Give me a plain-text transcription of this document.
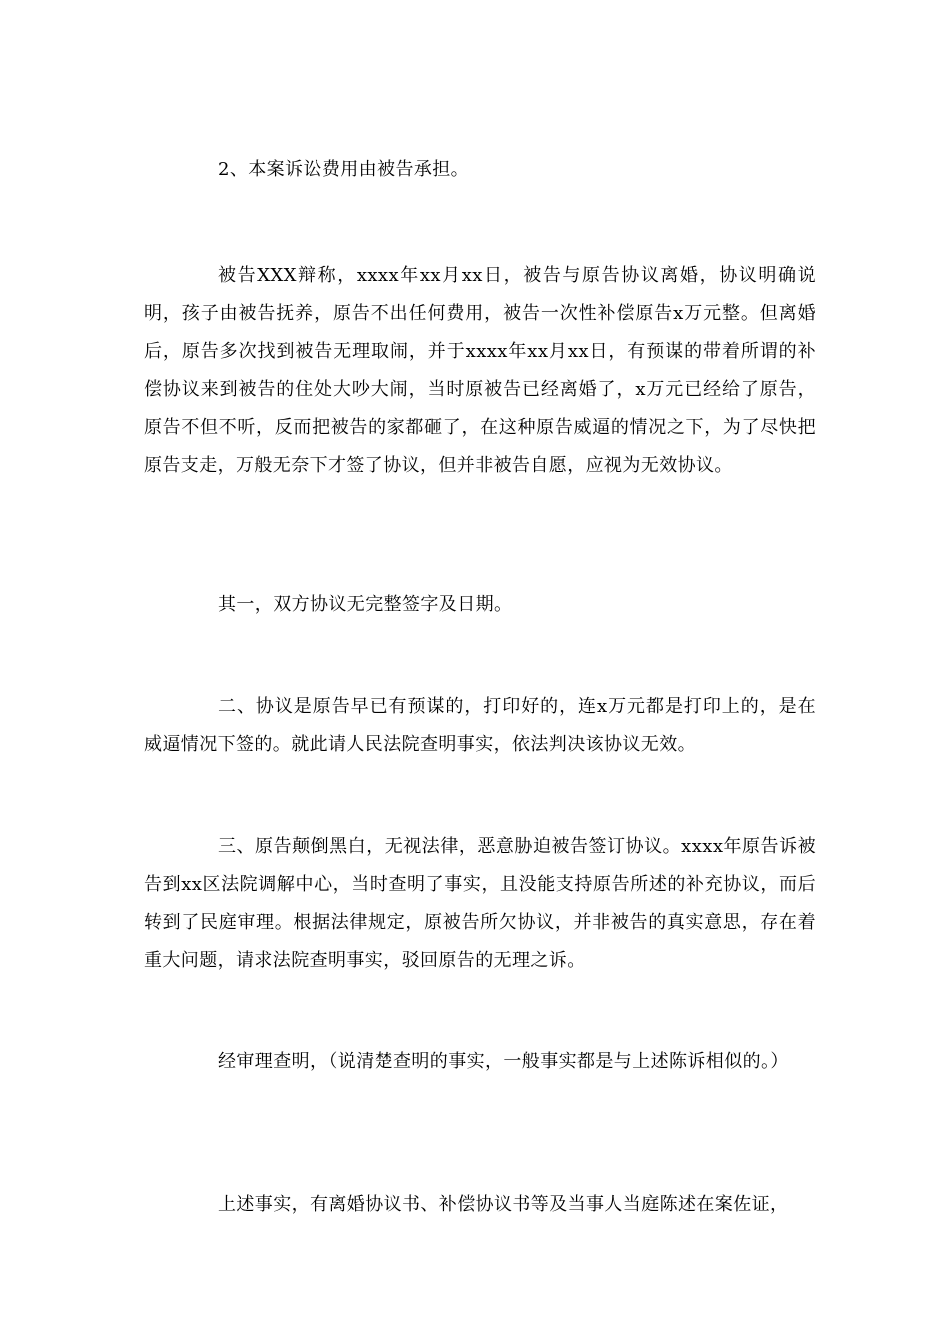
2、本案诉讼费用由被告承担。

被告XXX辩称，xxxx年xx月xx日，被告与原告协议离婚，协议明确说明，孩子由被告抚养，原告不出任何费用，被告一次性补偿原告x万元整。但离婚后，原告多次找到被告无理取闹，并于xxxx年xx月xx日，有预谋的带着所谓的补偿协议来到被告的住处大吵大闹，当时原被告已经离婚了，x万元已经给了原告，原告不但不听，反而把被告的家都砸了，在这种原告威逼的情况之下，为了尽快把原告支走，万般无奈下才签了协议，但并非被告自愿，应视为无效协议。

其一，双方协议无完整签字及日期。

二、协议是原告早已有预谋的，打印好的，连x万元都是打印上的，是在威逼情况下签的。就此请人民法院查明事实，依法判决该协议无效。

三、原告颠倒黑白，无视法律，恶意胁迫被告签订协议。xxxx年原告诉被告到xx区法院调解中心，当时查明了事实，且没能支持原告所述的补充协议，而后转到了民庭审理。根据法律规定，原被告所欠协议，并非被告的真实意思，存在着重大问题，请求法院查明事实，驳回原告的无理之诉。

经审理查明，（说清楚查明的事实，一般事实都是与上述陈诉相似的。）

上述事实，有离婚协议书、补偿协议书等及当事人当庭陈述在案佐证，
